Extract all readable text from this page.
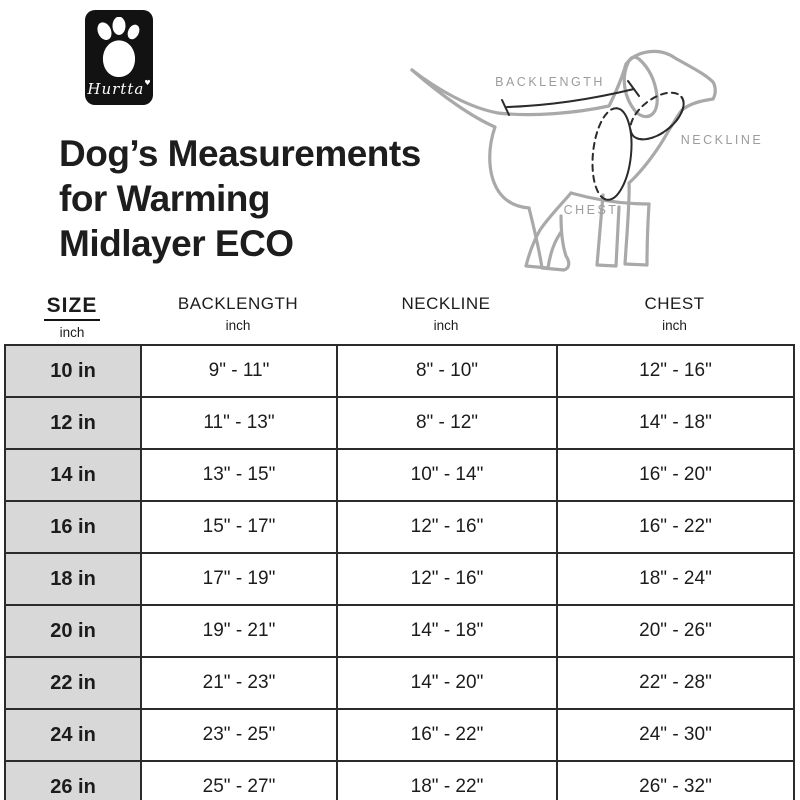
Hurtta♥
Dog’s Measurements
for Warming
Midlayer ECO
BACKLENGTH
NECKLINE
CHEST
SIZE
inch
BACKLENGTH
inch
NECKLINE
inch
CHEST
inch
10 in	9" - 11"	8" - 10"	12" - 16"
12 in	11" - 13"	8" - 12"	14" - 18"
14 in	13" - 15"	10" - 14"	16" - 20"
16 in	15" - 17"	12" - 16"	16" - 22"
18 in	17" - 19"	12" - 16"	18" - 24"
20 in	19" - 21"	14" - 18"	20" - 26"
22 in	21" - 23"	14" - 20"	22" - 28"
24 in	23" - 25"	16" - 22"	24" - 30"
26 in	25" - 27"	18" - 22"	26" - 32"
